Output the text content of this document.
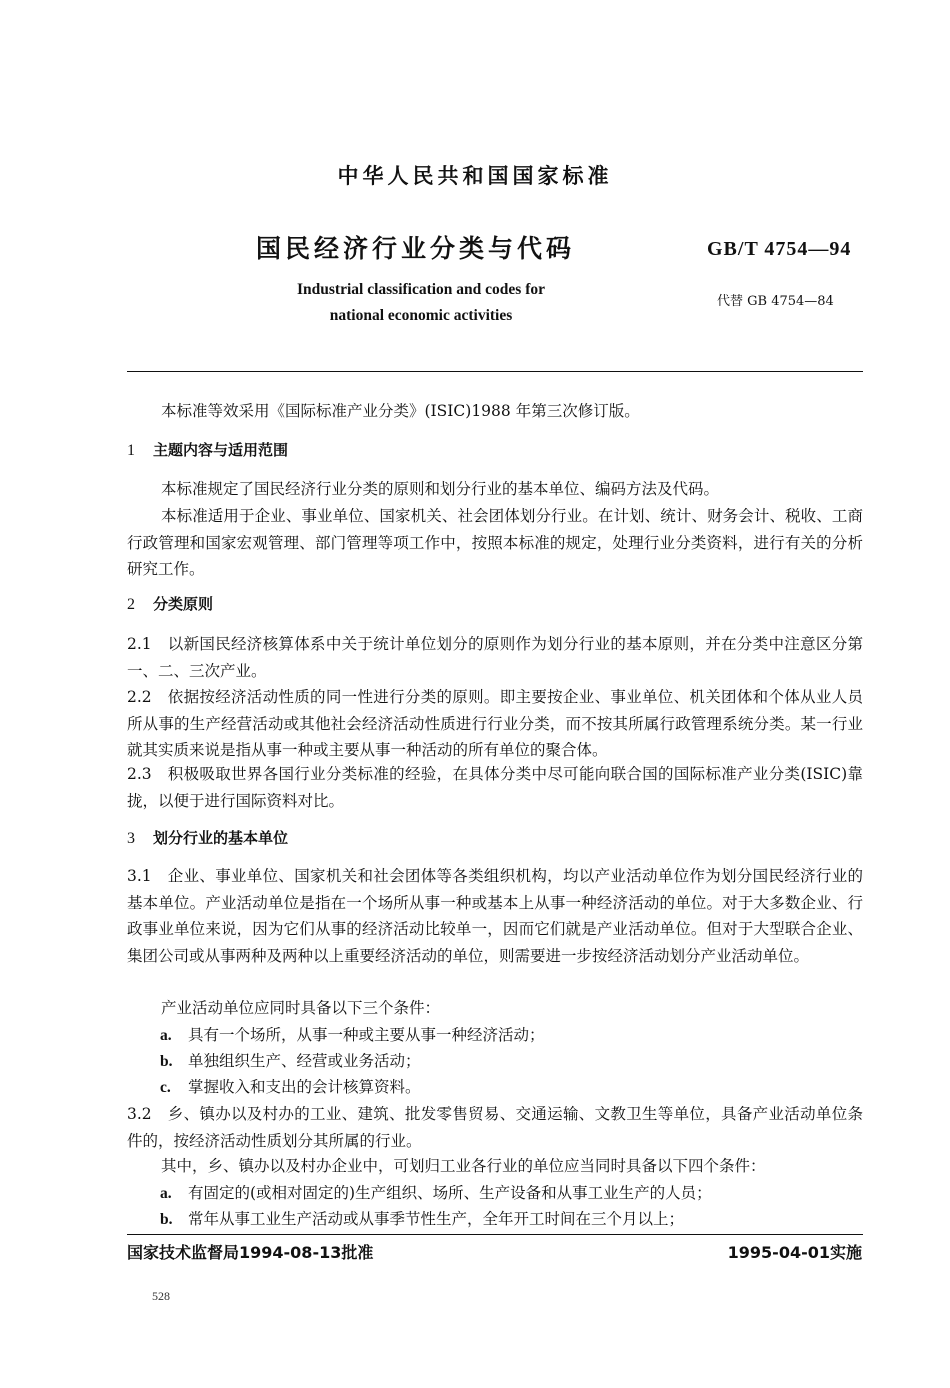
中华人民共和国国家标准
国民经济行业分类与代码	GB/T 4754—94
Industrial classification and codes for
national economic activities
代替 GB 4754—84
本标准等效采用《国际标准产业分类》(ISIC)1988 年第三次修订版。
1 主题内容与适用范围
本标准规定了国民经济行业分类的原则和划分行业的基本单位、编码方法及代码。
本标准适用于企业、事业单位、国家机关、社会团体划分行业。在计划、统计、财务会计、税收、工商行政管理和国家宏观管理、部门管理等项工作中，按照本标准的规定，处理行业分类资料，进行有关的分析研究工作。
2 分类原则
2.1　以新国民经济核算体系中关于统计单位划分的原则作为划分行业的基本原则，并在分类中注意区分第一、二、三次产业。
2.2　依据按经济活动性质的同一性进行分类的原则。即主要按企业、事业单位、机关团体和个体从业人员所从事的生产经营活动或其他社会经济活动性质进行行业分类，而不按其所属行政管理系统分类。某一行业就其实质来说是指从事一种或主要从事一种活动的所有单位的聚合体。
2.3　积极吸取世界各国行业分类标准的经验，在具体分类中尽可能向联合国的国际标准产业分类(ISIC)靠拢，以便于进行国际资料对比。
3 划分行业的基本单位
3.1　企业、事业单位、国家机关和社会团体等各类组织机构，均以产业活动单位作为划分国民经济行业的基本单位。产业活动单位是指在一个场所从事一种或基本上从事一种经济活动的单位。对于大多数企业、行政事业单位来说，因为它们从事的经济活动比较单一，因而它们就是产业活动单位。但对于大型联合企业、集团公司或从事两种及两种以上重要经济活动的单位，则需要进一步按经济活动划分产业活动单位。
产业活动单位应同时具备以下三个条件：
a. 具有一个场所，从事一种或主要从事一种经济活动；
b. 单独组织生产、经营或业务活动；
c. 掌握收入和支出的会计核算资料。
3.2　乡、镇办以及村办的工业、建筑、批发零售贸易、交通运输、文教卫生等单位，具备产业活动单位条件的，按经济活动性质划分其所属的行业。
其中，乡、镇办以及村办企业中，可划归工业各行业的单位应当同时具备以下四个条件：
a. 有固定的(或相对固定的)生产组织、场所、生产设备和从事工业生产的人员；
b. 常年从事工业生产活动或从事季节性生产，全年开工时间在三个月以上；
国家技术监督局1994-08-13批准	1995-04-01实施
528
